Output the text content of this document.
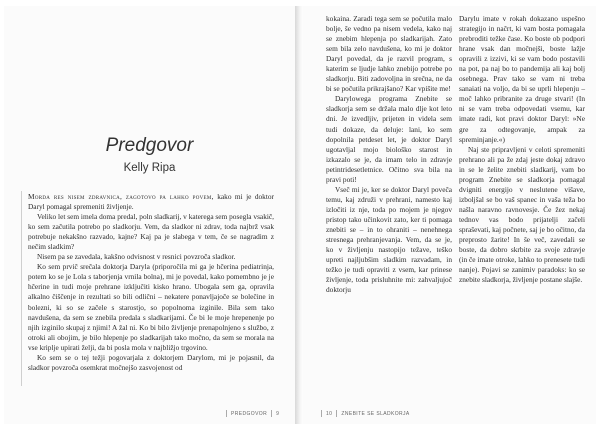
Predgovor
Kelly Ripa

Morda res nisem zdravnica, zagotovo pa lahko povem, kako mi je doktor Daryl pomagal spremeniti življenje.

Veliko let sem imela doma predal, poln sladkarij, v katerega sem posegla vsakič, ko sem začutila potrebo po sladkorju. Vem, da sladkor ni zdrav, toda najbrž vsak potrebuje nekakšno razvado, kajne? Kaj pa je slabega v tem, če se nagradim z nečim sladkim?

Nisem pa se zavedala, kakšno odvisnost v resnici povzroča sladkor.

Ko sem prvič srečala doktorja Daryla (priporočila mi ga je hčerina pediatrinja, potem ko se je Lola s taborjenja vrnila bolna), mi je povedal, kako pomembno je je hčerine in tudi moje prehrane izključiti kisko hrano. Ubogala sem ga, opravila alkalno čiščenje in rezultati so bili odlični – nekatere ponavljajoče se bolečine in bolezni, ki so se začele s starostjo, so popolnoma izginile. Bila sem tako navdušena, da sem se znebila predala s sladkarijami. Če bi le moje hrepenenje po njih izginilo skupaj z njimi! A žal ni. Ko bi bilo življenje prenapolnjeno s službo, z otroki ali obojim, je bilo hlepenje po sladkarijah tako močno, da sem se morala na vse kriplje upirati želji, da bi posla mola v najbližjo trgovino.

Ko sem se o tej težji pogovarjala z doktorjem Darylom, mi je pojasnil, da sladkor povzroča osemkrat močnejšo zasvojenost od

PREDGOVOR 9

kokaina. Zaradi tega sem se počutila malo bolje, še vedno pa nisem vedela, kako naj se znebim hlepenja po sladkarijah. Zato sem bila zelo navdušena, ko mi je doktor Daryl povedal, da je razvil program, s katerim se ljudje lahko znebijo potrebe po sladkorju. Biti zadovoljna in srečna, ne da bi se počutila prikrajšano? Kar vpišite me!

Darylowega programa Znebite se sladkorja sem se držala malo dlje kot leto dni. Je izvedljiv, prijeten in videla sem tudi dokaze, da deluje: lani, ko sem dopolnila petdeset let, je doktor Daryl ugotavljal mojo biološko starost in izkazalo se je, da imam telo in zdravje petintridesetletnice. Očitno sva bila na pravi poti!

Vseč mi je, ker se doktor Daryl poveča temu, kaj združi v prehrani, namesto kaj izločiti iz nje, toda po mojem je njegov pristop tako učinkovit zato, ker ti pomaga znebiti se – in to ohraniti – nenehnega stresnega prehranjevanja. Vem, da se je, ko v življenju nastopijo težave, teško upreti najljubšim sladkim razvadam, in težko je tudi opraviti z vsem, kar prinese življenje, toda prisluhnite mi: zahvaljujoč doktorju

Darylu imate v rokah dokazano uspešno strategijo in načrt, ki vam bosta pomagala prebroditi težke čase. Ko boste ob podpori hrane vsak dan močnejši, boste lažje opravili z izzivi, ki se vam bodo postavili na pot, pa naj bo to pandemija ali kaj bolj osebnega. Prav tako se vam ni treba sanaiati na voljo, da bi se uprli hlepenju – moč lahko pribranite za druge stvari! (In ni se vam treba odpovedati vsemu, kar imate radi, kot pravi doktor Daryl: »Ne gre za odtegovanje, ampak za spreminjanje.«)

Naj ste pripravljeni v celoti spremeniti prehrano ali pa že zdaj jeste dokaj zdravo in se le želite znebiti sladkarij, vam bo program Znebite se sladkorja pomagal dvigniti energijo v neslutene višave, izboljšal se bo vaš spanec in vaša teža bo našla naravno ravnovesje. Če žez nekaj tednov vas bodo prijatelji začeli spraševati, kaj počnete, saj je bo očitno, da preprosto žarite! In še več, zavedali se boste, da dobro skrbite za svoje zdravje (in če imate otroke, lahko to prenesete tudi nanje). Pojavi se zanimiv paradoks: ko se znebite sladkorja, življenje postane slajše.

10 ZNEBITE SE SLADKORJA
